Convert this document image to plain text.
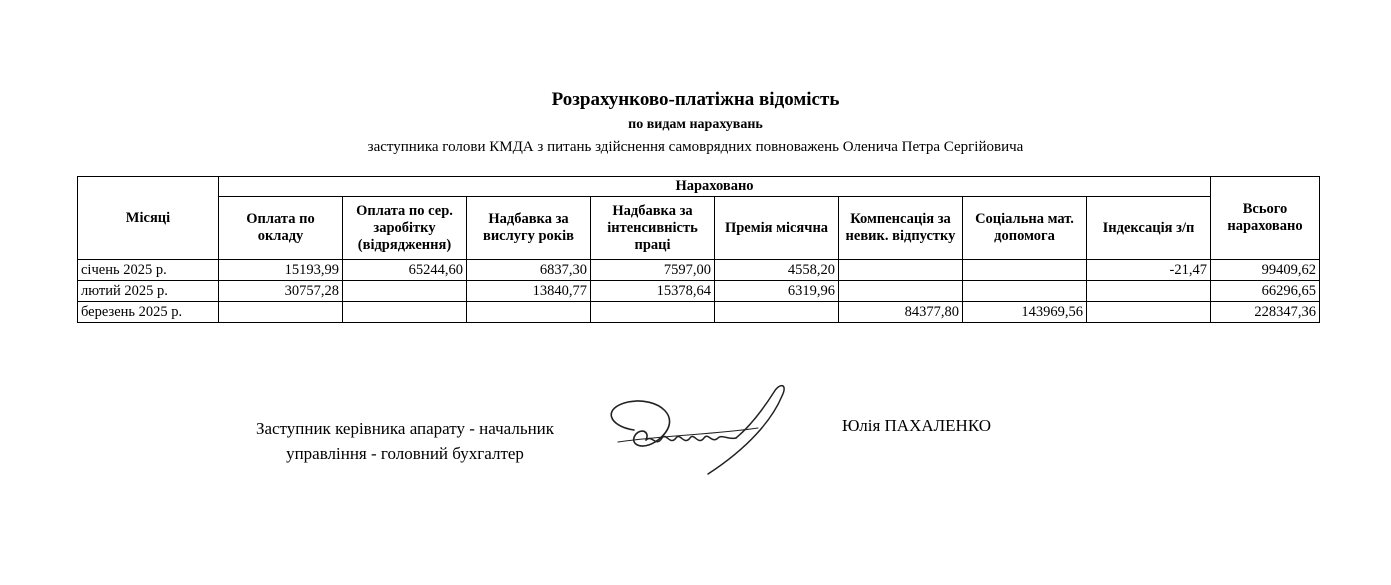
Розрахунково-платіжна відомість
по видам нарахувань
заступника голови КМДА з питань здійснення самоврядних повноважень Оленича Петра Сергійовича
Місяці	Нараховано								Всього нараховано
	Оплата по окладу	Оплата по сер. заробітку (відрядження)	Надбавка за вислугу років	Надбавка за інтенсивність праці	Премія місячна	Компенсація за невик. відпустку	Соціальна мат. допомога	Індексація з/п	
січень 2025 р.	15193,99	65244,60	6837,30	7597,00	4558,20			-21,47	99409,62
лютий 2025 р.	30757,28		13840,77	15378,64	6319,96				66296,65
березень 2025 р.						84377,80	143969,56		228347,36
Заступник керівника апарату - начальник
управління - головний бухгалтер
Юлія ПАХАЛЕНКО
